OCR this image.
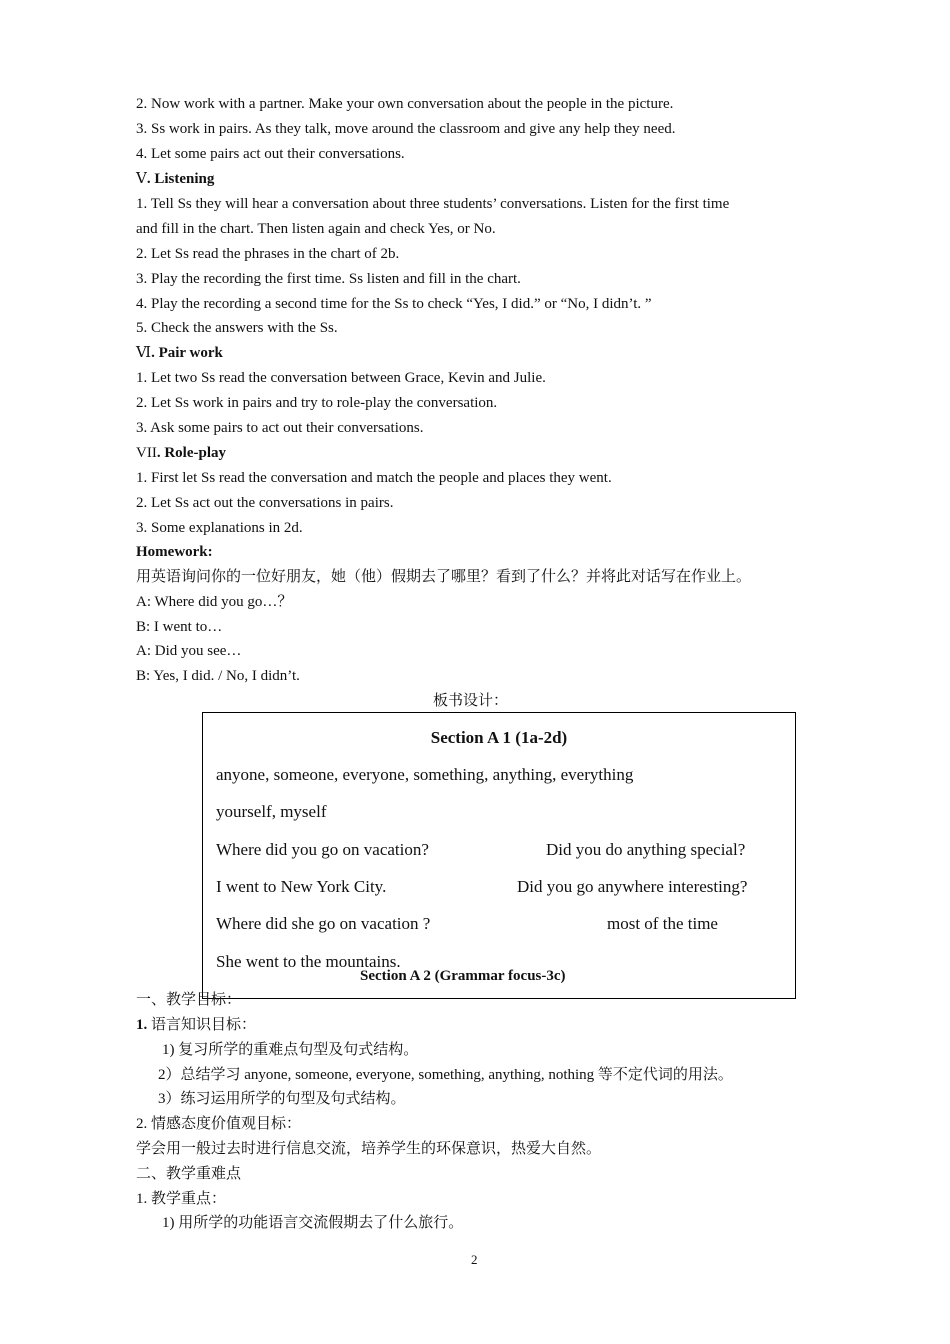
2. Now work with a partner. Make your own conversation about the people in the picture.
3. Ss work in pairs. As they talk, move around the classroom and give any help they need.
4. Let some pairs act out their conversations.
Ⅴ. Listening
1. Tell Ss they will hear a conversation about three students’ conversations. Listen for the first time
and fill in the chart. Then listen again and check Yes, or No.
2. Let Ss read the phrases in the chart of 2b.
3. Play the recording the first time. Ss listen and fill in the chart.
4. Play the recording a second time for the Ss to check “Yes, I did.” or “No, I didn’t. ”
5. Check the answers with the Ss.
Ⅵ. Pair work
1. Let two Ss read the conversation between Grace, Kevin and Julie.
2. Let Ss work in pairs and try to role-play the conversation.
3. Ask some pairs to act out their conversations.
VII. Role-play
1. First let Ss read the conversation and match the people and places they went.
2. Let Ss act out the conversations in pairs.
3. Some explanations in 2d.
Homework:
用英语询问你的一位好朋友，她（他）假期去了哪里？看到了什么？并将此对话写在作业上。
A: Where did you go…？
B: I went to…
A: Did you see…
B: Yes, I did. / No, I didn’t.
板书设计：
Section A 1 (1a-2d)
anyone, someone, everyone, something, anything, everything
yourself, myself
Where did you go on vacation?	Did you do anything special?
I went to New York City.	Did you go anywhere interesting?
Where did she go on vacation ?	most of the time
She went to the mountains.
Section A 2 (Grammar focus-3c)
一、教学目标：
1. 语言知识目标：
1) 复习所学的重难点句型及句式结构。
2）总结学习 anyone, someone, everyone, something, anything, nothing 等不定代词的用法。
3）练习运用所学的句型及句式结构。
2. 情感态度价值观目标：
学会用一般过去时进行信息交流，培养学生的环保意识，热爱大自然。
二、教学重难点
1. 教学重点：
1) 用所学的功能语言交流假期去了什么旅行。
2
